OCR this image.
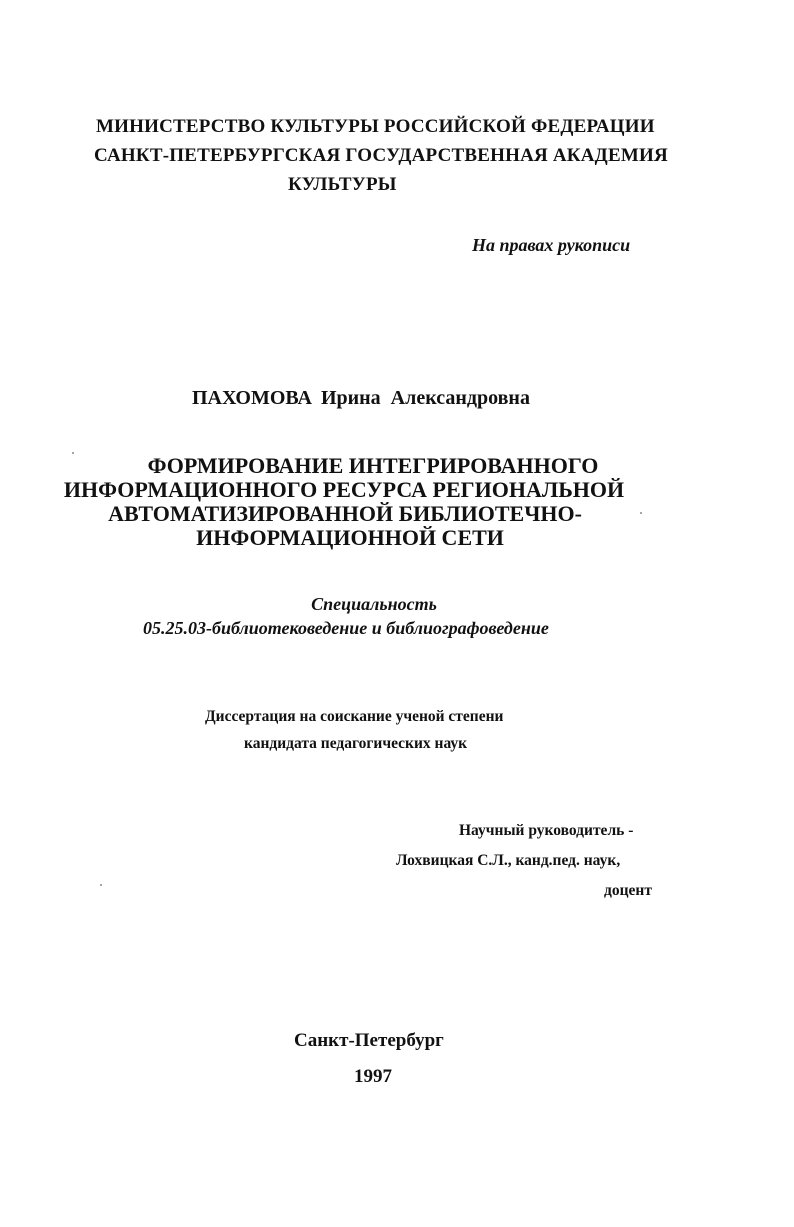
МИНИСТЕРСТВО КУЛЬТУРЫ РОССИЙСКОЙ ФЕДЕРАЦИИ
САНКТ-ПЕТЕРБУРГСКАЯ ГОСУДАРСТВЕННАЯ АКАДЕМИЯ
КУЛЬТУРЫ
На правах рукописи
ПАХОМОВА Ирина  Александровна
ФОРМИРОВАНИЕ ИНТЕГРИРОВАННОГО
ИНФОРМАЦИОННОГО РЕСУРСА РЕГИОНАЛЬНОЙ
АВТОМАТИЗИРОВАННОЙ БИБЛИОТЕЧНО-
ИНФОРМАЦИОННОЙ СЕТИ
Специальность
05.25.03-библиотековедение и библиографоведение
Диссертация на соискание ученой степени
кандидата педагогических наук
Научный руководитель -
Лохвицкая С.Л., канд.пед. наук,
доцент
Санкт-Петербург
1997
